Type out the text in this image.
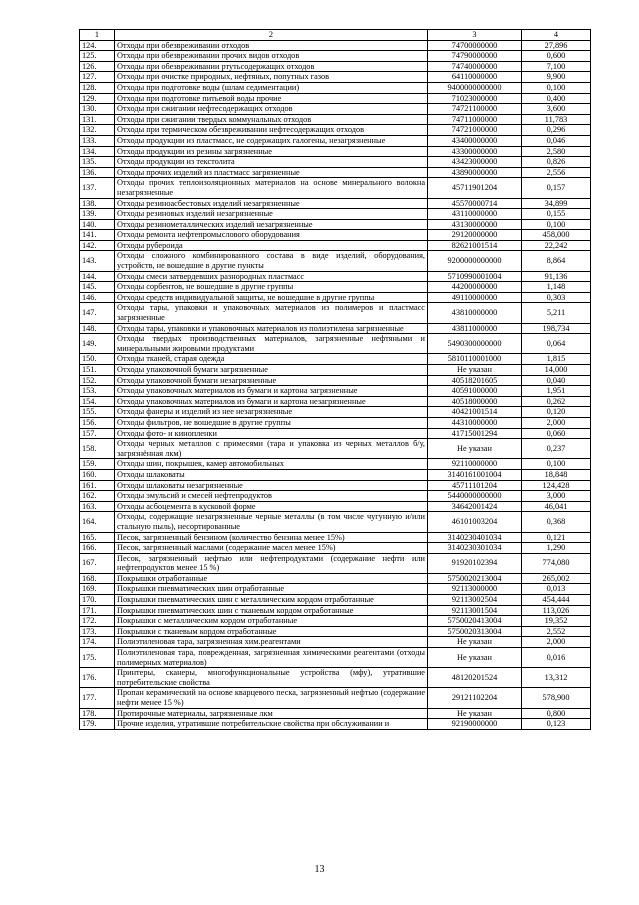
1	2	3	4
124.	Отходы при обезвреживании отходов	74700000000	27,896
125.	Отходы при обезвреживании прочих видов отходов	74790000000	0,600
126.	Отходы при обезвреживании ртутьсодержащих отходов	74740000000	7,100
127.	Отходы при очистке природных, нефтяных, попутных газов	64110000000	9,900
128.	Отходы при подготовке воды (шлам седиментации)	9400000000000	0,100
129.	Отходы при подготовке питьевой воды прочие	71023000000	0,400
130.	Отходы при сжигании нефтесодержащих отходов	74721100000	3,600
131.	Отходы при сжигании твердых коммунальных отходов	74711000000	11,783
132.	Отходы при термическом обезвреживании нефтесодержащих отходов	74721000000	0,296
133.	Отходы продукции из пластмасс, не содержащих галогены, незагрязненные	43400000000	0,046
134.	Отходы продукции из резины загрязненные	43300000000	2,580
135.	Отходы продукции из текстолита	43423000000	0,826
136.	Отходы прочих изделий из пластмасс загрязненные	43890000000	2,556
137.	Отходы прочих теплоизоляционных материалов на основе минерального волокна незагрязненные	45711901204	0,157
138.	Отходы резиноасбестовых изделий незагрязненные	45570000714	34,899
139.	Отходы резиновых изделий незагрязненные	43110000000	0,155
140.	Отходы резинометаллических изделий незагрязненные	43130000000	0,100
141.	Отходы ремонта нефтепромыслового оборудования	29120000000	458,000
142.	Отходы рубероида	82621001514	22,242
143.	Отходы сложного комбинированного состава в виде изделий, оборудования, устройств, не вошедшие в другие пункты	9200000000000	8,864
144.	Отходы смеси затвердевших разнородных пластмасс	5710990001004	91,136
145.	Отходы сорбентов, не вошедшие в другие группы	44200000000	1,148
146.	Отходы средств индивидуальной защиты, не вошедшие в другие группы	49110000000	0,303
147.	Отходы тары, упаковки и упаковочных материалов из полимеров и пластмасс загрязненные	43810000000	5,211
148.	Отходы тары, упаковки и упаковочных материалов из полиэтилена загрязненные	43811000000	198,734
149.	Отходы твердых производственных материалов, загрязненные нефтяными и минеральными жировыми продуктами	5490300000000	0,064
150.	Отходы тканей, старая одежда	5810110001000	1,815
151.	Отходы упаковочной бумаги загрязненные	Не указан	14,000
152.	Отходы упаковочной бумаги незагрязненные	40518201605	0,040
153.	Отходы упаковочных материалов из бумаги и картона загрязненные	40591000000	1,951
154.	Отходы упаковочных материалов из бумаги и картона незагрязненные	40518000000	0,262
155.	Отходы фанеры и изделий из нее незагрязненные	40421001514	0,120
156.	Отходы фильтров, не вошедшие в другие группы	44310000000	2,000
157.	Отходы фото- и кинопленки	41715001294	0,060
158.	Отходы черных металлов с примесями (тара и упаковка из черных металлов б/у, загрязнённая лкм)	Не указан	0,237
159.	Отходы шин, покрышек, камер автомобильных	92110000000	0,100
160.	Отходы шлаковаты	3140161001004	18,848
161.	Отходы шлаковаты незагрязненные	45711101204	124,428
162.	Отходы эмульсий и смесей нефтепродуктов	5440000000000	3,000
163.	Отходы асбоцемента в кусковой форме	34642001424	46,041
164.	Отходы, содержащие незагрязненные черные металлы (в том числе чугунную и/или стальную пыль), несортированные	46101003204	0,368
165.	Песок, загрязненный бензином (количество бензина менее 15%)	3140230401034	0,121
166.	Песок, загрязненный маслами (содержание масел менее 15%)	3140230301034	1,290
167.	Песок, загрязненный нефтью или нефтепродуктами (содержание нефти или нефтепродуктов менее 15 %)	91920102394	774,080
168.	Покрышки отработанные	5750020213004	265,002
169.	Покрышки пневматических шин отработанные	92113000000	0,013
170.	Покрышки пневматических шин с металлическим кордом отработанные	92113002504	454,444
171.	Покрышки пневматических шин с тканевым кордом отработанные	92113001504	113,026
172.	Покрышки с металлическим кордом отработанные	5750020413004	19,352
173.	Покрышки с тканевым кордом отработанные	5750020313004	2,552
174.	Полиэтиленовая тара, загрязненная хим.реагентами	Не указан	2,000
175.	Полиэтиленовая тара, поврежденная, загрязненная химическими реагентами (отходы полимерных материалов)	Не указан	0,016
176.	Принтеры, сканеры, многофункциональные устройства (мфу), утратившие потребительские свойства	48120201524	13,312
177.	Пропан керамический на основе кварцевого песка, загрязненный нефтью (содержание нефти менее 15 %)	29121102204	578,900
178.	Протирочные материалы, загрязненные лкм	Не указан	0,800
179.	Прочие изделия, утратившие потребительские свойства при обслуживании и	92190000000	0,123
13
